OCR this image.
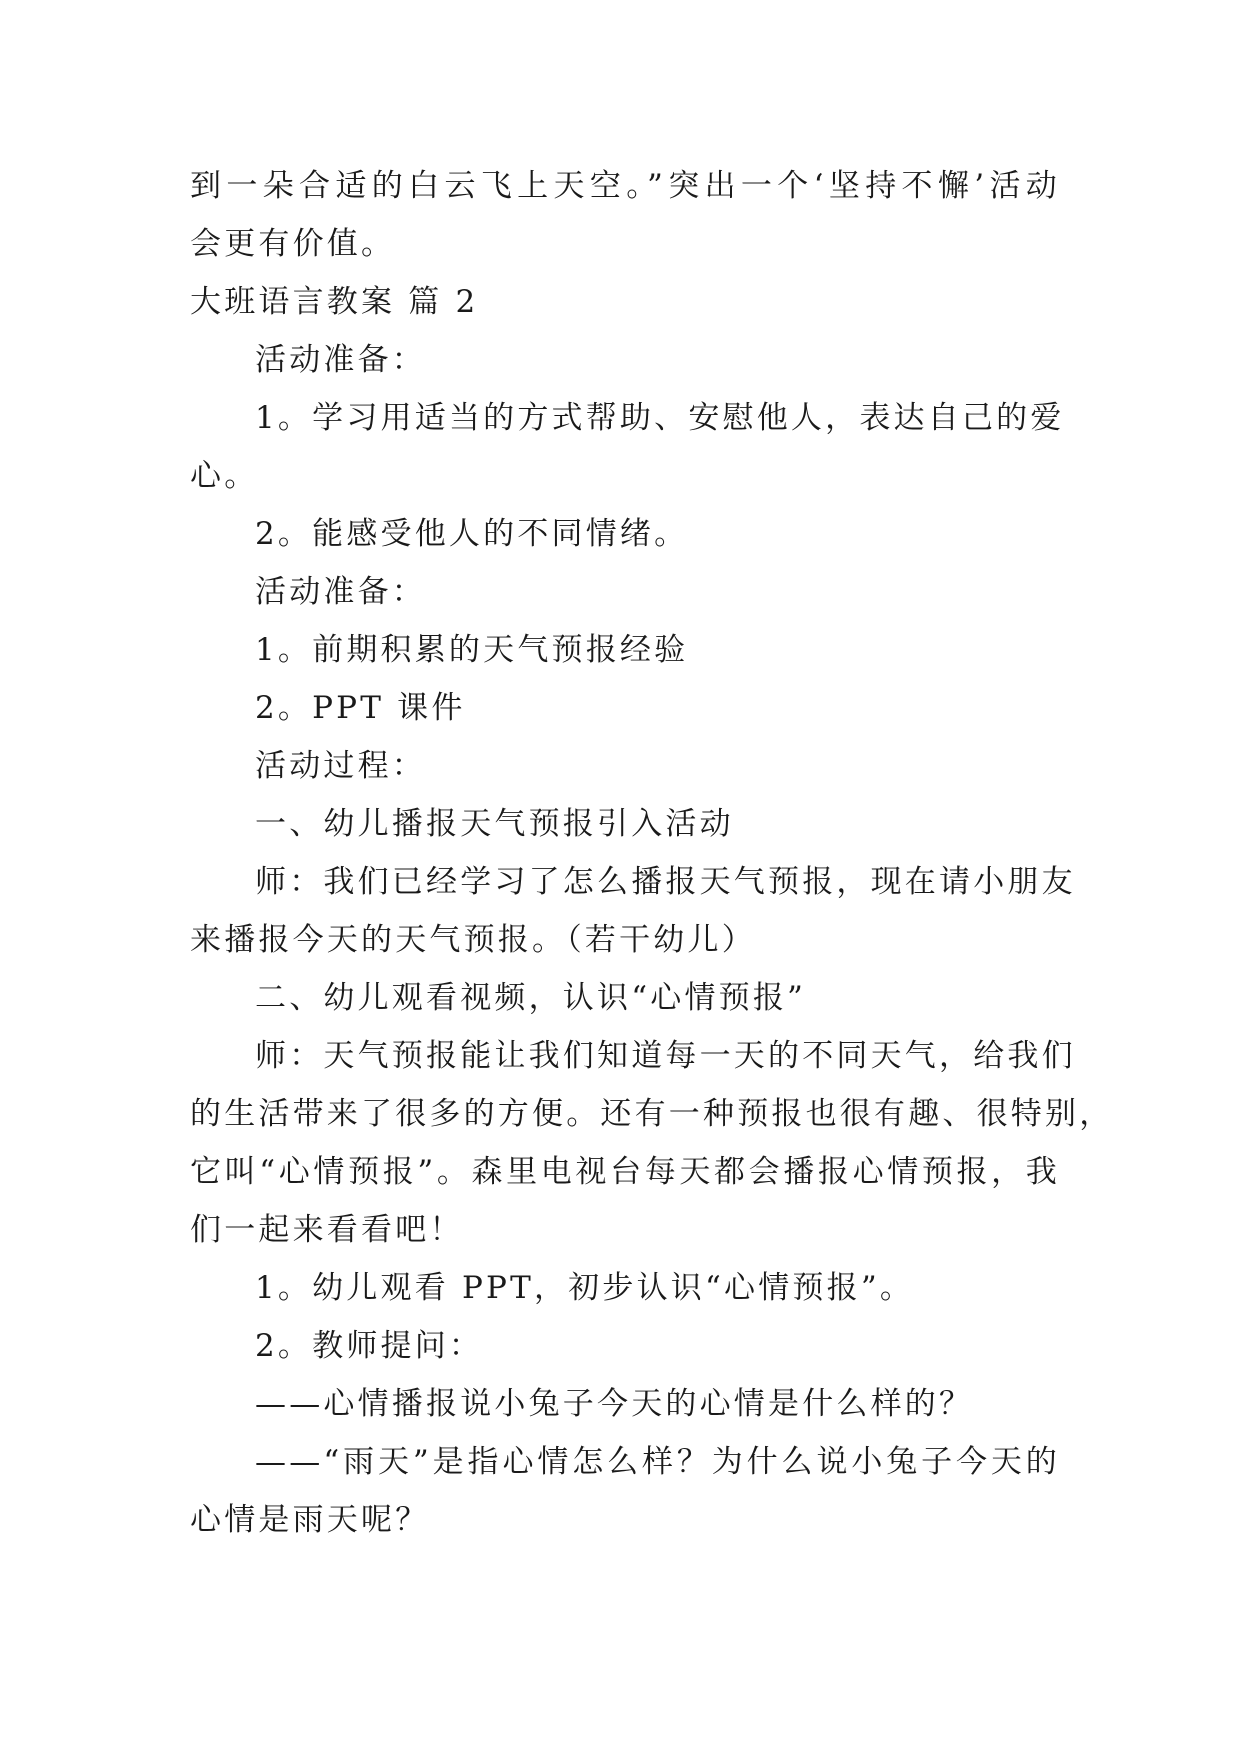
到一朵合适的白云飞上天空。”突出一个‘坚持不懈’活动

会更有价值。

大班语言教案 篇 2

活动准备：

1。学习用适当的方式帮助、安慰他人，表达自己的爱

心。

2。能感受他人的不同情绪。

活动准备：

1。前期积累的天气预报经验

2。PPT 课件

活动过程：

一、幼儿播报天气预报引入活动

师：我们已经学习了怎么播报天气预报，现在请小朋友

来播报今天的天气预报。（若干幼儿）

二、幼儿观看视频，认识“心情预报”

师：天气预报能让我们知道每一天的不同天气，给我们

的生活带来了很多的方便。还有一种预报也很有趣、很特别，

它叫“心情预报”。森里电视台每天都会播报心情预报，我

们一起来看看吧！

1。幼儿观看 PPT，初步认识“心情预报”。

2。教师提问：

——心情播报说小兔子今天的心情是什么样的？

——“雨天”是指心情怎么样？为什么说小兔子今天的

心情是雨天呢？
